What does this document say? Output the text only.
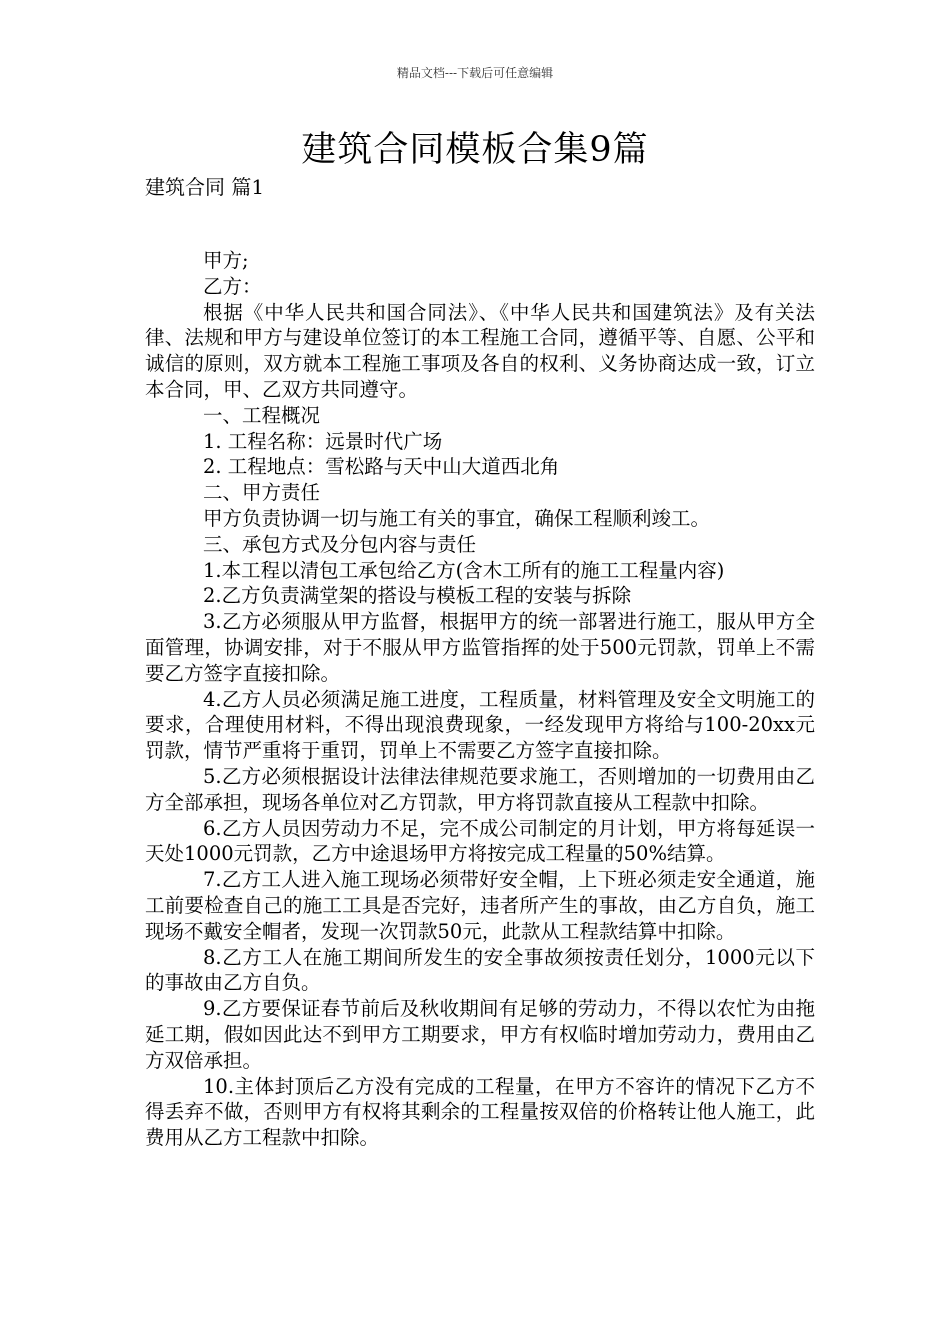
精品文档---下载后可任意编辑
建筑合同模板合集9篇
建筑合同 篇1

甲方;

乙方：

根据《中华人民共和国合同法》、《中华人民共和国建筑法》及有关法律、法规和甲方与建设单位签订的本工程施工合同，遵循平等、自愿、公平和诚信的原则，双方就本工程施工事项及各自的权利、义务协商达成一致，订立本合同，甲、乙双方共同遵守。

一、工程概况

1. 工程名称：远景时代广场

2. 工程地点：雪松路与天中山大道西北角

二、甲方责任

甲方负责协调一切与施工有关的事宜，确保工程顺利竣工。

三、承包方式及分包内容与责任

1.本工程以清包工承包给乙方(含木工所有的施工工程量内容)

2.乙方负责满堂架的搭设与模板工程的安装与拆除

3.乙方必须服从甲方监督，根据甲方的统一部署进行施工，服从甲方全面管理，协调安排，对于不服从甲方监管指挥的处于500元罚款，罚单上不需要乙方签字直接扣除。

4.乙方人员必须满足施工进度，工程质量，材料管理及安全文明施工的要求，合理使用材料，不得出现浪费现象，一经发现甲方将给与100-20xx元罚款，情节严重将于重罚，罚单上不需要乙方签字直接扣除。

5.乙方必须根据设计法律法律规范要求施工，否则增加的一切费用由乙方全部承担，现场各单位对乙方罚款，甲方将罚款直接从工程款中扣除。

6.乙方人员因劳动力不足，完不成公司制定的月计划，甲方将每延误一天处1000元罚款，乙方中途退场甲方将按完成工程量的50%结算。

7.乙方工人进入施工现场必须带好安全帽，上下班必须走安全通道，施工前要检查自己的施工工具是否完好，违者所产生的事故，由乙方自负，施工现场不戴安全帽者，发现一次罚款50元，此款从工程款结算中扣除。

8.乙方工人在施工期间所发生的安全事故须按责任划分，1000元以下的事故由乙方自负。

9.乙方要保证春节前后及秋收期间有足够的劳动力，不得以农忙为由拖延工期，假如因此达不到甲方工期要求，甲方有权临时增加劳动力，费用由乙方双倍承担。

10.主体封顶后乙方没有完成的工程量，在甲方不容许的情况下乙方不得丢弃不做，否则甲方有权将其剩余的工程量按双倍的价格转让他人施工，此费用从乙方工程款中扣除。
